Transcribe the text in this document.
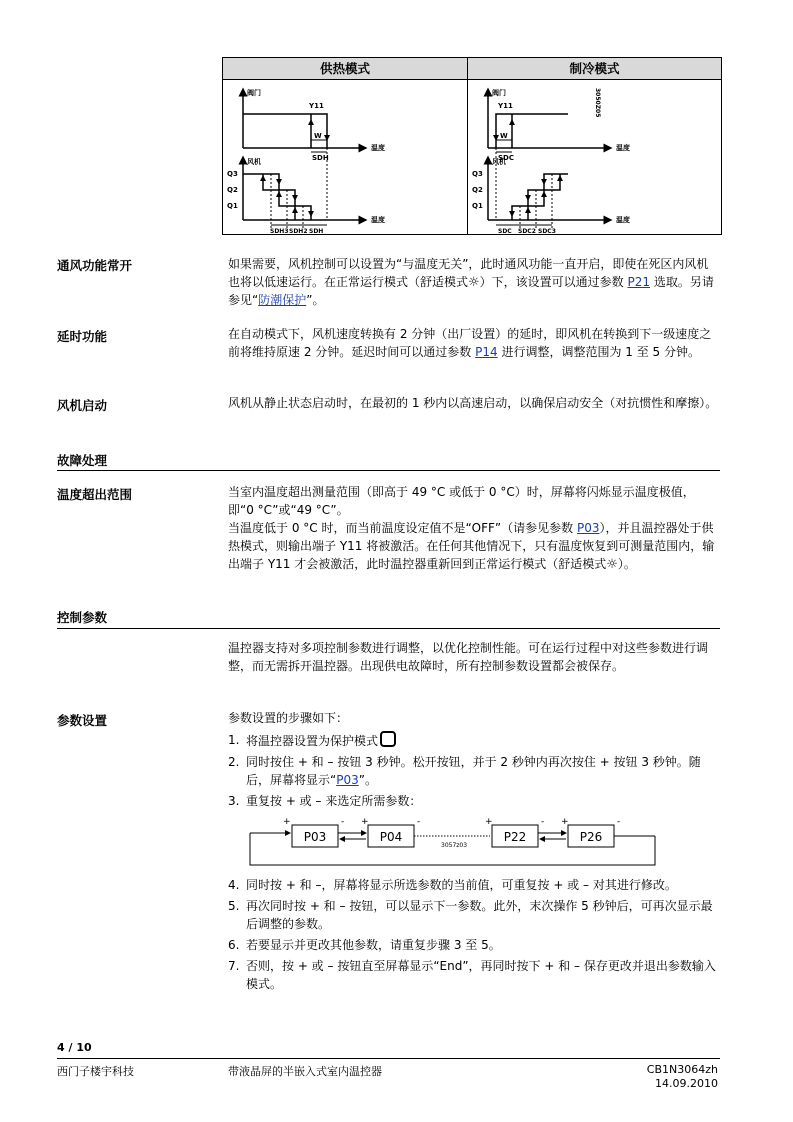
供热模式	制冷模式
阀门
Y11
温度
W
SDH
风机
Q3
Q2
Q1
温度
SDH3 SDH2 SDH
阀门
Y11
温度
3050Z05
W
SDC
风机
Q3
Q2
Q1
温度
SDC SDC2 SDC3
通风功能常开	如果需要，风机控制可以设置为“与温度无关”，此时通风功能一直开启，即使在死区内风机也将以低速运行。在正常运行模式（舒适模式☼）下，该设置可以通过参数 P21 选取。另请参见“防潮保护”。

延时功能	在自动模式下，风机速度转换有 2 分钟（出厂设置）的延时，即风机在转换到下一级速度之前将维持原速 2 分钟。延迟时间可以通过参数 P14 进行调整，调整范围为 1 至 5 分钟。

风机启动	风机从静止状态启动时，在最初的 1 秒内以高速启动，以确保启动安全（对抗惯性和摩擦）。
故障处理
温度超出范围	当室内温度超出测量范围（即高于 49 °C 或低于 0 °C）时，屏幕将闪烁显示温度极值，即“0 °C”或“49 °C”。

当温度低于 0 °C 时，而当前温度设定值不是“OFF”（请参见参数 P03），并且温控器处于供热模式，则输出端子 Y11 将被激活。在任何其他情况下，只有温度恢复到可测量范围内，输出端子 Y11 才会被激活，此时温控器重新回到正常运行模式（舒适模式☼）。

控制参数
温控器支持对多项控制参数进行调整，以优化控制性能。可在运行过程中对这些参数进行调整，而无需拆开温控器。出现供电故障时，所有控制参数设置都会被保存。
参数设置	参数设置的步骤如下：

1. 将温控器设置为保护模式
2. 同时按住 + 和 – 按钮 3 秒钟。松开按钮，并于 2 秒钟内再次按住 + 按钮 3 秒钟。随后，屏幕将显示“P03”。
3. 重复按 + 或 – 来选定所需参数：
P03	P04	P22	P26
+	- +	-	+	- +	-
3057z03
4. 同时按 + 和 –，屏幕将显示所选参数的当前值，可重复按 + 或 – 对其进行修改。
5. 再次同时按 + 和 – 按钮，可以显示下一参数。此外，末次操作 5 秒钟后，可再次显示最后调整的参数。
6. 若要显示并更改其他参数，请重复步骤 3 至 5。
7. 否则，按 + 或 – 按钮直至屏幕显示“End”，再同时按下 + 和 – 保存更改并退出参数输入模式。
4 / 10
西门子楼宇科技	带液晶屏的半嵌入式室内温控器	CB1N3064zh
14.09.2010
